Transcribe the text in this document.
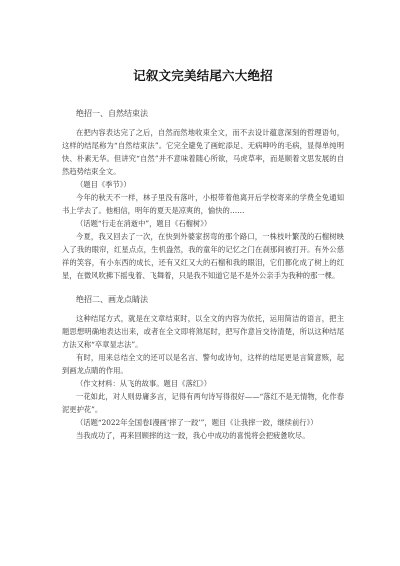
记叙文完美结尾六大绝招
绝招一、自然结束法

在把内容表达完了之后，自然而然地收束全文，而不去设计蕴意深刻的哲理语句，这样的结尾称为“自然结束法”。它完全避免了画蛇添足、无病呻吟的毛病，显得单纯明快、朴素无华。但讲究“自然”并不意味着随心所欲，马虎草率，而是顺着文思发展的自然趋势结束全文。

（题目《季节》）

今年的秋天不一样，林子里没有落叶，小根带着他离开后学校寄来的学费全免通知书上学去了。他相信，明年的夏天是凉爽的，愉快的……

（话题“行走在消逝中”，题目《石榴树》）

今夏，我又回去了一次，在快到外婆家拐弯的那个路口，一株枝叶繁茂的石榴树映入了我的眼帘，红星点点，生机盎然，我的童年的记忆之门在刹那间被打开。有外公慈祥的笑容，有小东西的成长，还有又红又大的石榴和我的眼泪，它们都化成了树上的红星，在微风吹拂下摇曳着、飞舞着，只是我不知道它是不是外公亲手为我种的那一棵。

绝招二、画龙点睛法

这种结尾方式，就是在文章结束时，以全文的内容为依托，运用简洁的语言，把主题思想明确地表达出来，或者在全文即将煞尾时，把写作意旨交待清楚，所以这种结尾方法又称“卒章显志法”。

有时，用来总结全文的还可以是名言、警句或诗句，这样的结尾更是言简意赅，起到画龙点睛的作用。

（作文材料：从飞的故事。题目《落红》）

一花如此，对人则毋庸多言，记得有两句诗写得很好——“落红不是无情物，化作春泥更护花”。

（话题“2022年全国卷Ⅰ漫画‘摔了一跤’”，题目《让我摔一跤，继续前行》）

当我成功了，再来回顾摔的这一跤，我心中成功的喜悦将会把疲惫吹尽。
